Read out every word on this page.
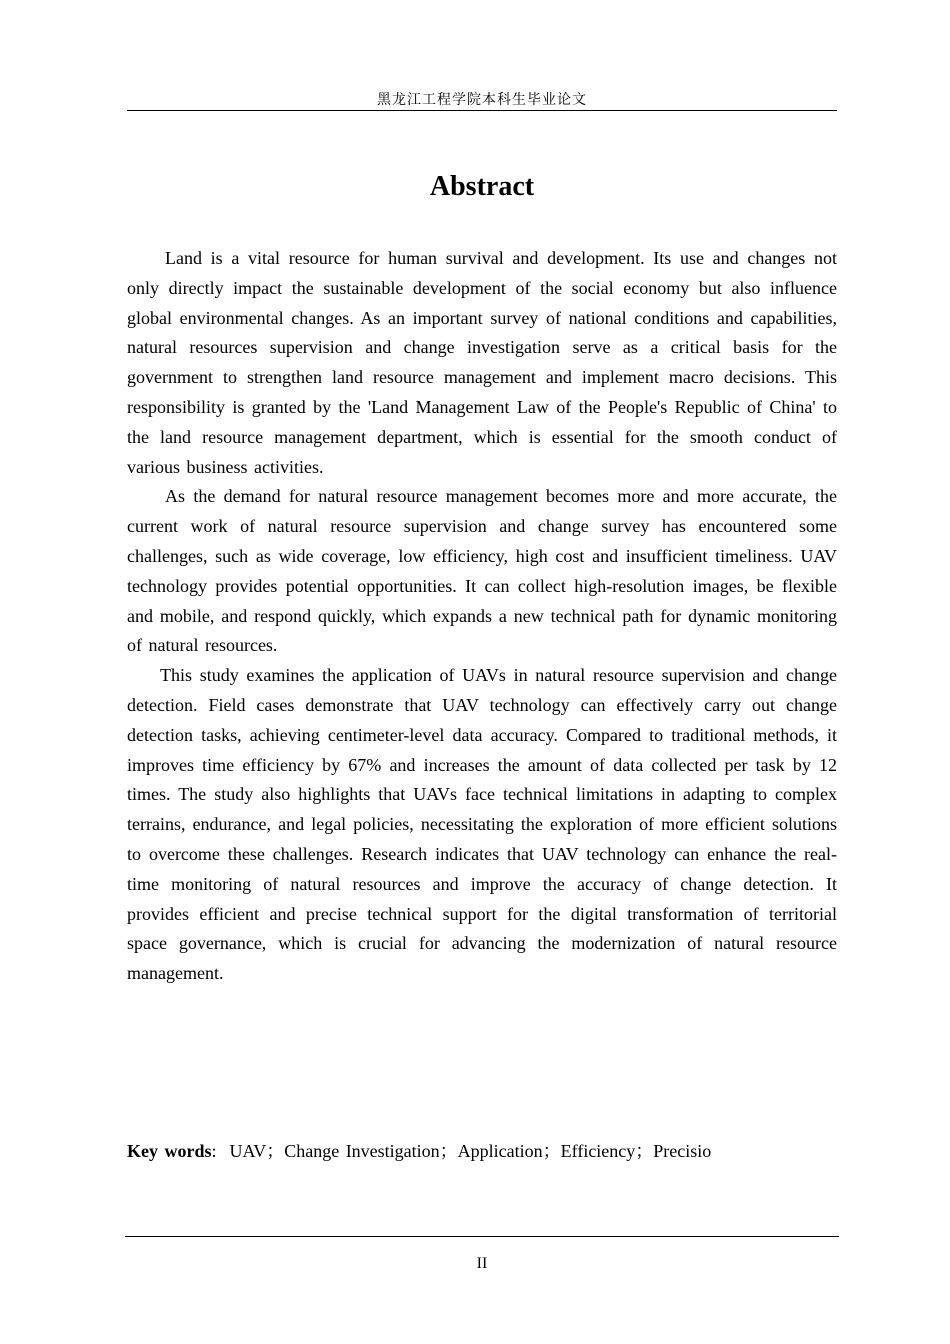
黑龙江工程学院本科生毕业论文
Abstract

Land is a vital resource for human survival and development. Its use and changes not only directly impact the sustainable development of the social economy but also influence global environmental changes. As an important survey of national conditions and capabilities, natural resources supervision and change investigation serve as a critical basis for the government to strengthen land resource management and implement macro decisions. This responsibility is granted by the 'Land Management Law of the People's Republic of China' to the land resource management department, which is essential for the smooth conduct of various business activities.

As the demand for natural resource management becomes more and more accurate, the current work of natural resource supervision and change survey has encountered some challenges, such as wide coverage, low efficiency, high cost and insufficient timeliness. UAV technology provides potential opportunities. It can collect high-resolution images, be flexible and mobile, and respond quickly, which expands a new technical path for dynamic monitoring of natural resources.

This study examines the application of UAVs in natural resource supervision and change detection. Field cases demonstrate that UAV technology can effectively carry out change detection tasks, achieving centimeter-level data accuracy. Compared to traditional methods, it improves time efficiency by 67% and increases the amount of data collected per task by 12 times. The study also highlights that UAVs face technical limitations in adapting to complex terrains, endurance, and legal policies, necessitating the exploration of more efficient solutions to overcome these challenges. Research indicates that UAV technology can enhance the real-time monitoring of natural resources and improve the accuracy of change detection. It provides efficient and precise technical support for the digital transformation of territorial space governance, which is crucial for advancing the modernization of natural resource management.

Key words: UAV；Change Investigation；Application；Efficiency；Precisio
II
